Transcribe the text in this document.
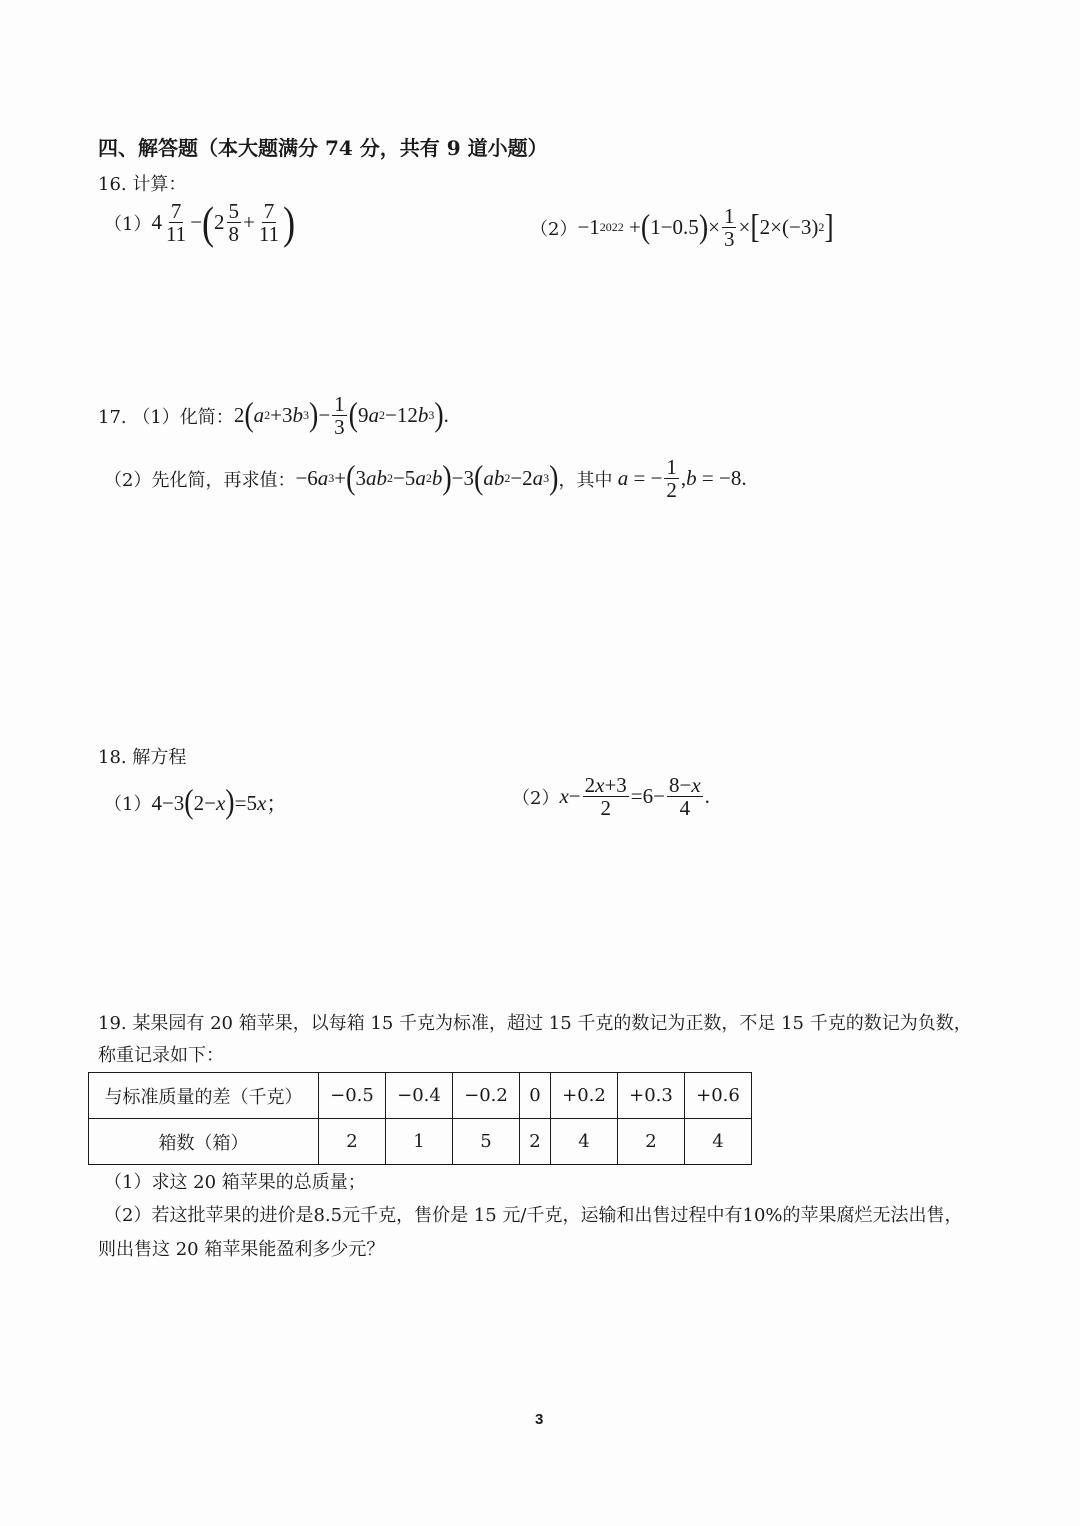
四、解答题（本大题满分 74 分，共有 9 道小题）
16. 计算：
（1） $4 \frac{7}{11}$ − ( $2 \frac{5}{8} + \frac{7}{11}$ )	（2） −1 2022 + ( 1−0.5 ) × $\frac{1}{3}$ × [ 2×(−3) 2 ]
17. （1）化简： 2 ( a 2 +3 b 3 ) − $\frac{1}{3}$ ( 9 a 2 −12 b 3 ) .
（2）先化简，再求值： −6 a 3 + ( 3 ab 2 −5 a 2 b ) −3 ( ab 2 −2 a 3 ) ，其中
a = − $\frac{1}{2}$ , b = −8.
18. 解方程
（1） 4−3 ( 2− x ) =5 x ；	（2） $x - \frac{2x+3}{2} =6- \frac{8-x}{4}$ .
19. 某果园有 20 箱苹果，以每箱 15 千克为标准，超过 15 千克的数记为正数，不足 15 千克的数记为负数，
称重记录如下：
与标准质量的差（千克）	−0.5	−0.4	−0.2	0	+0.2	+0.3	+0.6
箱数（箱）	2	1	5	2	4	2	4
（1）求这 20 箱苹果的总质量；
（2）若这批苹果的进价是8.5元千克，售价是 15 元/千克，运输和出售过程中有10%的苹果腐烂无法出售，
则出售这 20 箱苹果能盈利多少元？
3
